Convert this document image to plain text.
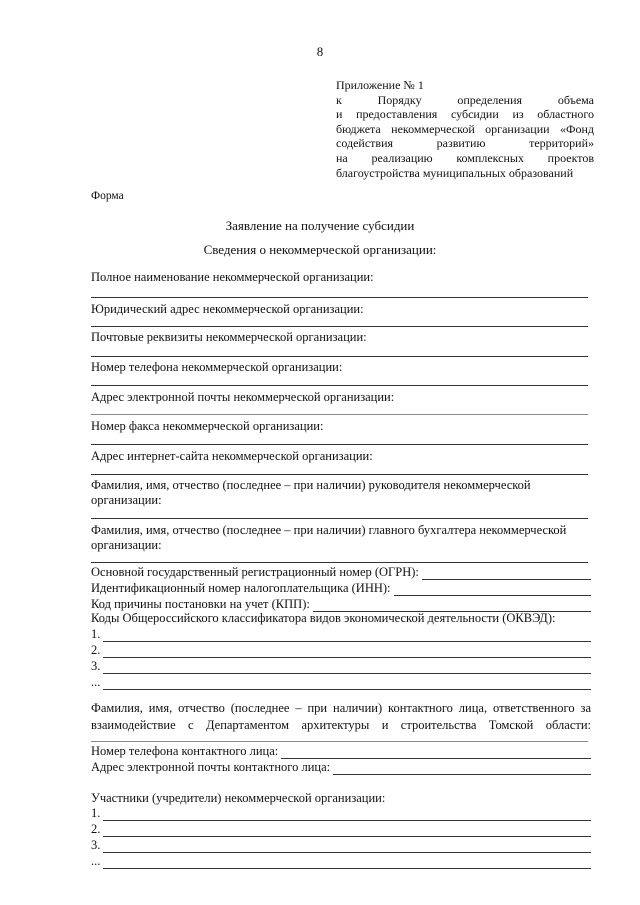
8
Приложение № 1
к Порядку определения объема
и предоставления субсидии из областного
бюджета некоммерческой организации «Фонд
содействия развитию территорий»
на реализацию комплексных проектов
благоустройства муниципальных образований
Форма
Заявление на получение субсидии
Сведения о некоммерческой организации:
Полное наименование некоммерческой организации:
Юридический адрес некоммерческой организации:
Почтовые реквизиты некоммерческой организации:
Номер телефона некоммерческой организации:
Адрес электронной почты некоммерческой организации:
Номер факса некоммерческой организации:
Адрес интернет-сайта некоммерческой организации:
Фамилия, имя, отчество (последнее – при наличии) руководителя некоммерческой организации:
Фамилия, имя, отчество (последнее – при наличии) главного бухгалтера некоммерческой организации:
Основной государственный регистрационный номер (ОГРН):
Идентификационный номер налогоплательщика (ИНН):
Код причины постановки на учет (КПП):
Коды Общероссийского классификатора видов экономической деятельности (ОКВЭД):
1.
2.
3.
...
Фамилия, имя, отчество (последнее – при наличии) контактного лица, ответственного за взаимодействие с Департаментом архитектуры и строительства Томской области:
Номер телефона контактного лица:
Адрес электронной почты контактного лица:
Участники (учредители) некоммерческой организации:
1.
2.
3.
...
